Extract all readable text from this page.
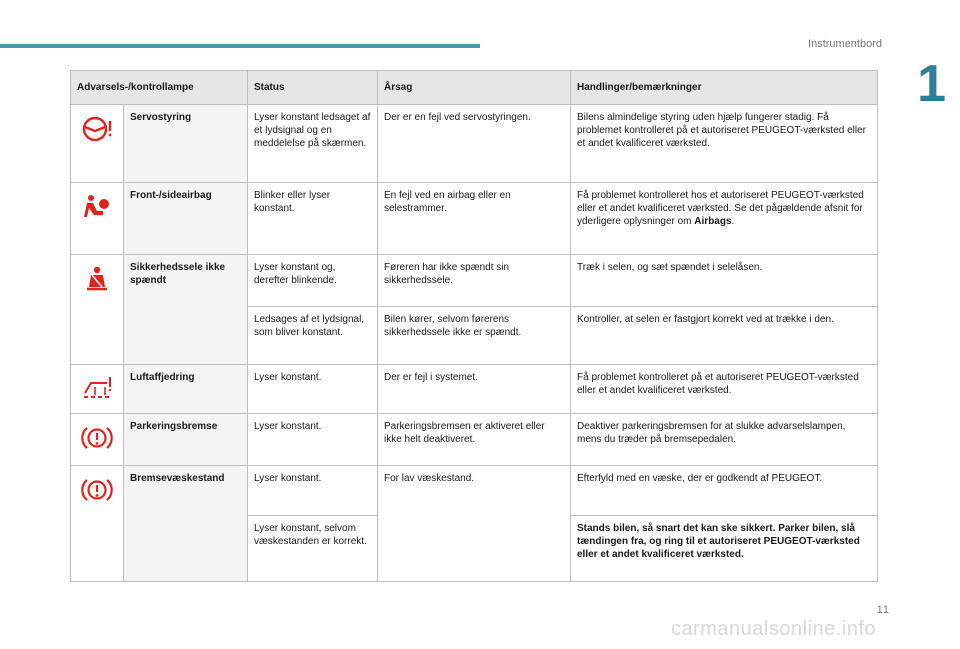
Instrumentbord
1
Advarsels-/kontrollampe		Status	Årsag	Handlinger/bemærkninger
	Servostyring	Lyser konstant ledsaget af et lydsignal og en meddelelse på skærmen.	Der er en fejl ved servostyringen.	Bilens almindelige styring uden hjælp fungerer stadig. Få problemet kontrolleret på et autoriseret PEUGEOT-værksted eller et andet kvalificeret værksted.
	Front-/sideairbag	Blinker eller lyser konstant.	En fejl ved en airbag eller en selestrammer.	Få problemet kontrolleret hos et autoriseret PEUGEOT-værksted eller et andet kvalificeret værksted. Se det pågældende afsnit for yderligere oplysninger om Airbags.
	Sikkerhedssele ikke spændt	Lyser konstant og, derefter blinkende.	Føreren har ikke spændt sin sikkerhedssele.	Træk i selen, og sæt spændet i selelåsen.
		Ledsages af et lydsignal, som bliver konstant.	Bilen kører, selvom førerens sikkerhedssele ikke er spændt.	Kontroller, at selen er fastgjort korrekt ved at trække i den.
	Luftaffjedring	Lyser konstant.	Der er fejl i systemet.	Få problemet kontrolleret på et autoriseret PEUGEOT-værksted eller et andet kvalificeret værksted.
	Parkeringsbremse	Lyser konstant.	Parkeringsbremsen er aktiveret eller ikke helt deaktiveret.	Deaktiver parkeringsbremsen for at slukke advarselslampen, mens du træder på bremsepedalen.
	Bremsevæskestand	Lyser konstant.	For lav væskestand.	Efterfyld med en væske, der er godkendt af PEUGEOT.
		Lyser konstant, selvom væskestanden er korrekt.		Stands bilen, så snart det kan ske sikkert. Parker bilen, slå tændingen fra, og ring til et autoriseret PEUGEOT-værksted eller et andet kvalificeret værksted.
11
carmanualsonline.info
